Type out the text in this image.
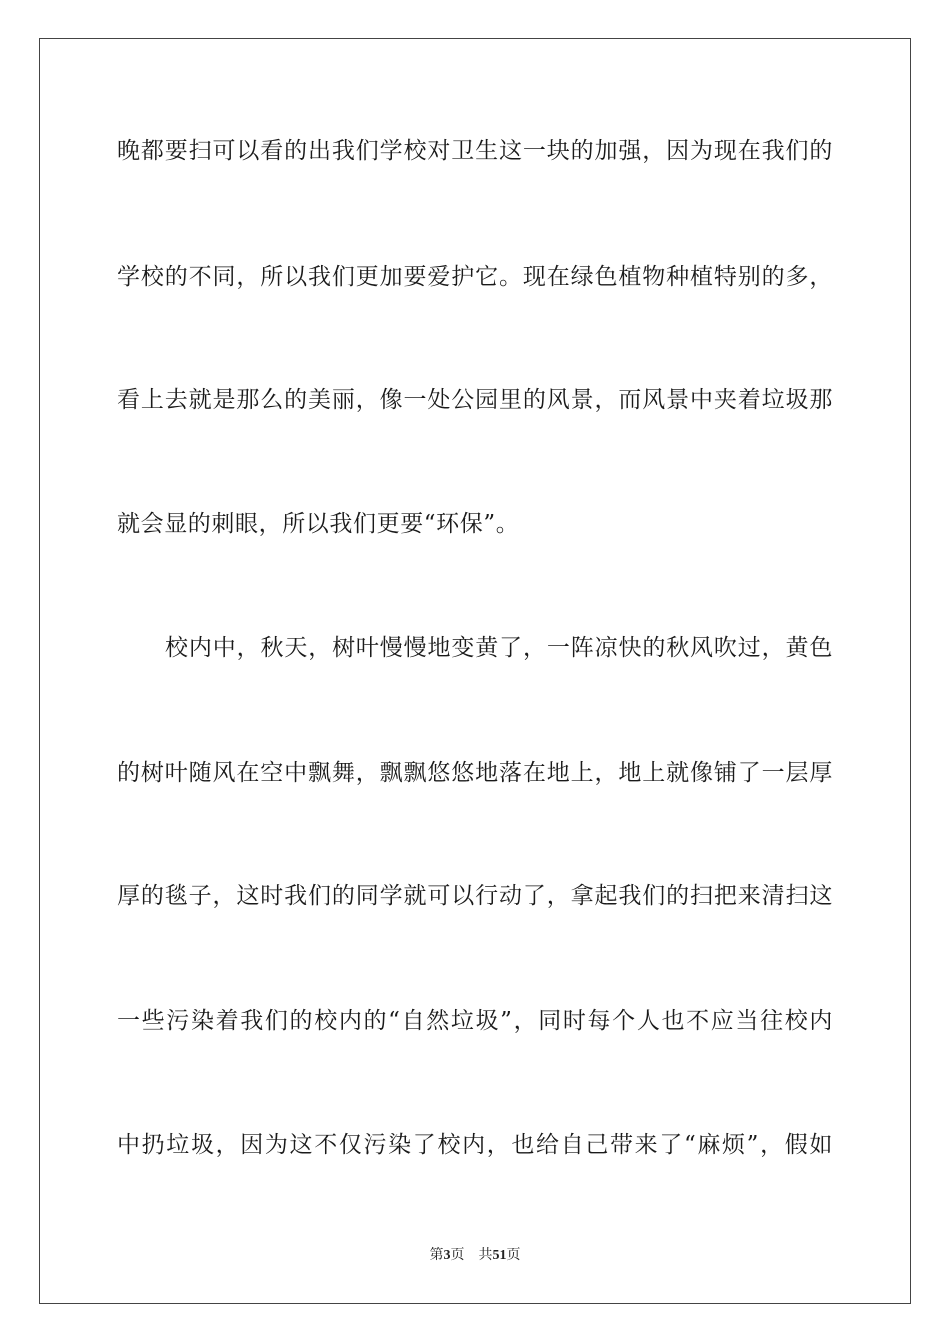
晚都要扫可以看的出我们学校对卫生这一块的加强，因为现在我们的
学校的不同，所以我们更加要爱护它。现在绿色植物种植特别的多，
看上去就是那么的美丽，像一处公园里的风景，而风景中夹着垃圾那
就会显的刺眼，所以我们更要“环保”。
校内中，秋天，树叶慢慢地变黄了，一阵凉快的秋风吹过，黄色
的树叶随风在空中飘舞，飘飘悠悠地落在地上，地上就像铺了一层厚
厚的毯子，这时我们的同学就可以行动了，拿起我们的扫把来清扫这
一些污染着我们的校内的“自然垃圾”，同时每个人也不应当往校内
中扔垃圾，因为这不仅污染了校内，也给自己带来了“麻烦”，假如
第3页 共51页
